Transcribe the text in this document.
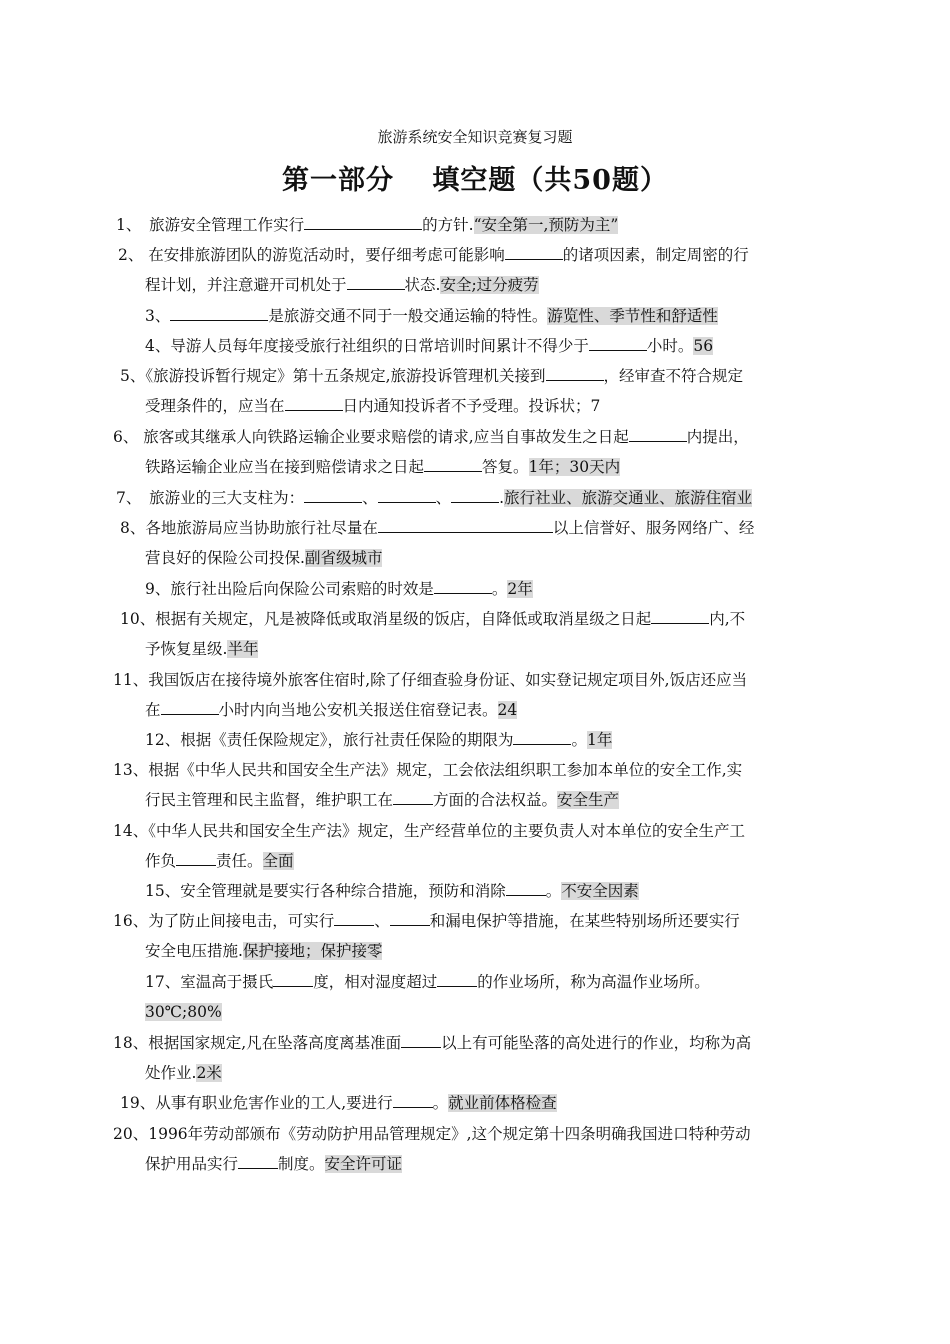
旅游系统安全知识竞赛复习题
第一部分　 填空题（共50题）
1、　旅游安全管理工作实行	的方针.“安全第一,预防为主”
2、 在安排旅游团队的游览活动时，要仔细考虑可能影响	的诸项因素，制定周密的行
程计划，并注意避开司机处于	状态.安全;过分疲劳
3、	是旅游交通不同于一般交通运输的特性。游览性、季节性和舒适性
4、导游人员每年度接受旅行社组织的日常培训时间累计不得少于	小时。56
5、《旅游投诉暂行规定》第十五条规定,旅游投诉管理机关接到	，经审查不符合规定
受理条件的，应当在	日内通知投诉者不予受理。投诉状；7
6、 旅客或其继承人向铁路运输企业要求赔偿的请求,应当自事故发生之日起	内提出，
铁路运输企业应当在接到赔偿请求之日起	答复。1年；30天内
7、　旅游业的三大支柱为：	、	、	.旅行社业、旅游交通业、旅游住宿业
8、各地旅游局应当协助旅行社尽量在	以上信誉好、服务网络广、经
营良好的保险公司投保.副省级城市
9、旅行社出险后向保险公司索赔的时效是	。2年
10、根据有关规定，凡是被降低或取消星级的饭店，自降低或取消星级之日起	内,不
予恢复星级.半年
11、我国饭店在接待境外旅客住宿时,除了仔细查验身份证、如实登记规定项目外,饭店还应当
在	小时内向当地公安机关报送住宿登记表。24
12、根据《责任保险规定》，旅行社责任保险的期限为	。1年
13、根据《中华人民共和国安全生产法》规定，工会依法组织职工参加本单位的安全工作,实
行民主管理和民主监督，维护职工在	方面的合法权益。安全生产
14、《中华人民共和国安全生产法》规定，生产经营单位的主要负责人对本单位的安全生产工
作负	责任。全面
15、安全管理就是要实行各种综合措施，预防和消除	。不安全因素
16、为了防止间接电击，可实行	、	和漏电保护等措施，在某些特别场所还要实行
安全电压措施.保护接地；保护接零
17、室温高于摄氏	度，相对湿度超过	的作业场所，称为高温作业场所。
30℃;80%
18、根据国家规定,凡在坠落高度离基准面	以上有可能坠落的高处进行的作业，均称为高
处作业.2米
19、从事有职业危害作业的工人,要进行	。就业前体格检查
20、1996年劳动部颁布《劳动防护用品管理规定》,这个规定第十四条明确我国进口特种劳动
保护用品实行	制度。安全许可证
